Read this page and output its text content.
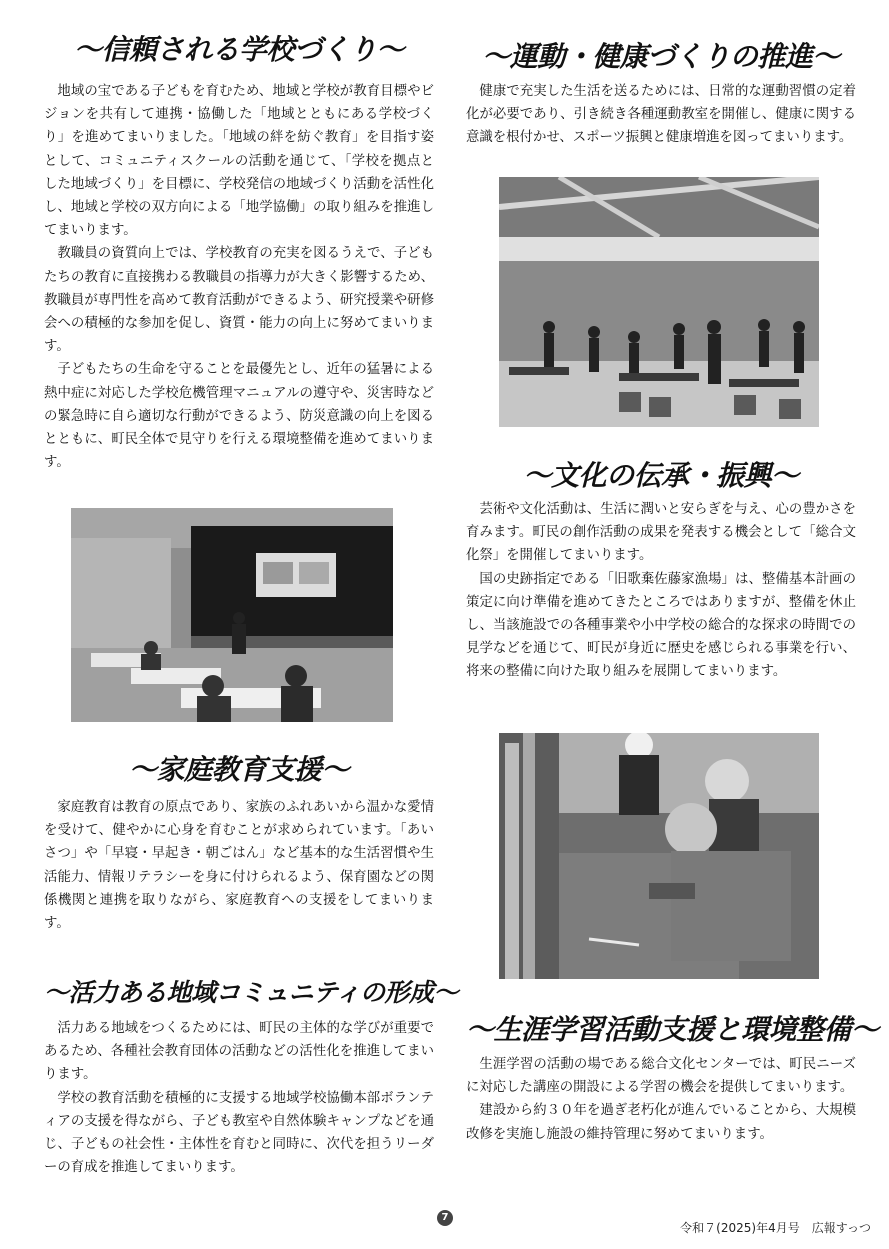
～信頼される学校づくり～

地域の宝である子どもを育むため、地域と学校が教育目標やビジョンを共有して連携・協働した「地域とともにある学校づくり」を進めてまいりました。「地域の絆を紡ぐ教育」を目指す姿として、コミュニティスクールの活動を通じて、「学校を拠点とした地域づくり」を目標に、学校発信の地域づくり活動を活性化し、地域と学校の双方向による「地学協働」の取り組みを推進してまいります。

教職員の資質向上では、学校教育の充実を図るうえで、子どもたちの教育に直接携わる教職員の指導力が大きく影響するため、教職員が専門性を高めて教育活動ができるよう、研究授業や研修会への積極的な参加を促し、資質・能力の向上に努めてまいります。

子どもたちの生命を守ることを最優先とし、近年の猛暑による熱中症に対応した学校危機管理マニュアルの遵守や、災害時などの緊急時に自ら適切な行動ができるよう、防災意識の向上を図るとともに、町民全体で見守りを行える環境整備を進めてまいります。

～家庭教育支援～

家庭教育は教育の原点であり、家族のふれあいから温かな愛情を受けて、健やかに心身を育むことが求められています。「あいさつ」や「早寝・早起き・朝ごはん」など基本的な生活習慣や生活能力、情報リテラシーを身に付けられるよう、保育園などの関係機関と連携を取りながら、家庭教育への支援をしてまいります。

～活力ある地域コミュニティの形成～

活力ある地域をつくるためには、町民の主体的な学びが重要であるため、各種社会教育団体の活動などの活性化を推進してまいります。

学校の教育活動を積極的に支援する地域学校協働本部ボランティアの支援を得ながら、子ども教室や自然体験キャンプなどを通じ、子どもの社会性・主体性を育むと同時に、次代を担うリーダーの育成を推進してまいります。

～運動・健康づくりの推進～

健康で充実した生活を送るためには、日常的な運動習慣の定着化が必要であり、引き続き各種運動教室を開催し、健康に関する意識を根付かせ、スポーツ振興と健康増進を図ってまいります。

～文化の伝承・振興～

芸術や文化活動は、生活に潤いと安らぎを与え、心の豊かさを育みます。町民の創作活動の成果を発表する機会として「総合文化祭」を開催してまいります。

国の史跡指定である「旧歌棄佐藤家漁場」は、整備基本計画の策定に向け準備を進めてきたところではありますが、整備を休止し、当該施設での各種事業や小中学校の総合的な探求の時間での見学などを通じて、町民が身近に歴史を感じられる事業を行い、将来の整備に向けた取り組みを展開してまいります。

～生涯学習活動支援と環境整備～

生涯学習の活動の場である総合文化センターでは、町民ニーズに対応した講座の開設による学習の機会を提供してまいります。

建設から約３０年を過ぎ老朽化が進んでいることから、大規模改修を実施し施設の維持管理に努めてまいります。

7
令和７(2025)年4月号　広報すっつ
